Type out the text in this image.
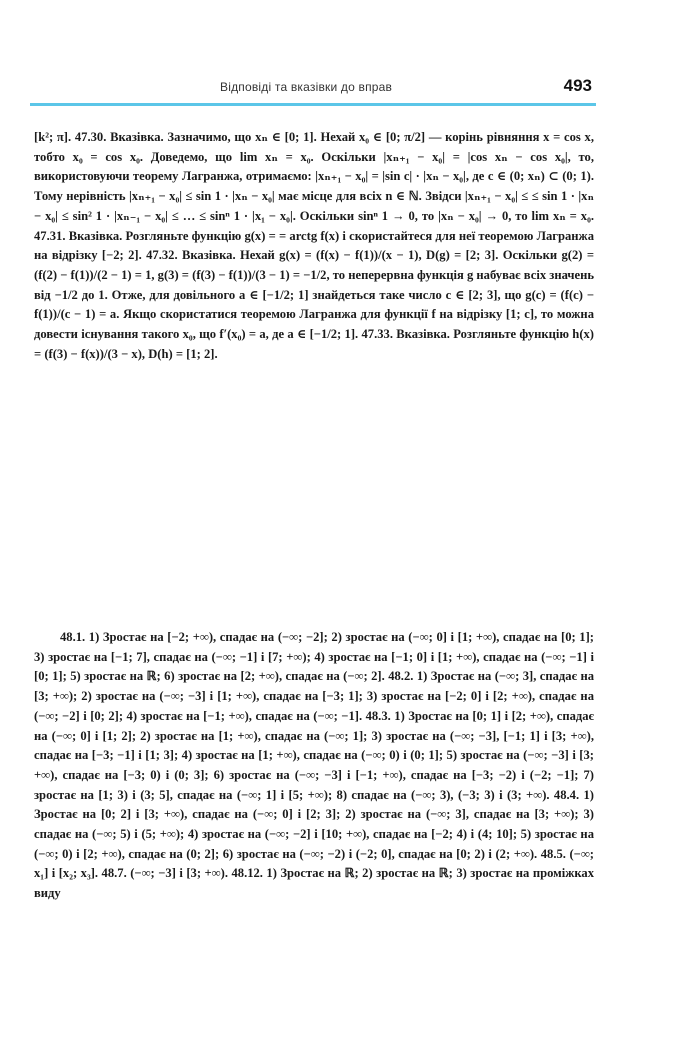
Відповіді та вказівки до вправ	493

[k²; π]. 47.30. Вказівка. Зазначимо, що xₙ ∈ [0; 1]. Нехай x₀ ∈ [0; π/2] — корінь рівняння x = cos x, тобто x₀ = cos x₀. Доведемо, що lim xₙ = x₀. Оскільки |xₙ₊₁ − x₀| = |cos xₙ − cos x₀|, то, використовуючи теорему Лагранжа, отримаємо: |xₙ₊₁ − x₀| = |sin c| · |xₙ − x₀|, де c ∈ (0; xₙ) ⊂ (0; 1). Тому нерівність |xₙ₊₁ − x₀| ≤ sin 1 · |xₙ − x₀| має місце для всіх n ∈ ℕ. Звідси |xₙ₊₁ − x₀| ≤ ≤ sin 1 · |xₙ − x₀| ≤ sin² 1 · |xₙ₋₁ − x₀| ≤ … ≤ sinⁿ 1 · |x₁ − x₀|. Оскільки sinⁿ 1 → 0, то |xₙ − x₀| → 0, то lim xₙ = x₀. 47.31. Вказівка. Розгляньте функцію g(x) = = arctg f(x) і скористайтеся для неї теоремою Лагранжа на відрізку [−2; 2]. 47.32. Вказівка. Нехай g(x) = (f(x) − f(1))/(x − 1), D(g) = [2; 3]. Оскільки g(2) = (f(2) − f(1))/(2 − 1) = 1, g(3) = (f(3) − f(1))/(3 − 1) = −1/2, то неперервна функція g набуває всіх значень від −1/2 до 1. Отже, для довільного a ∈ [−1/2; 1] знайдеться таке число c ∈ [2; 3], що g(c) = (f(c) − f(1))/(c − 1) = a. Якщо скористатися теоремою Лагранжа для функції f на відрізку [1; c], то можна довести існування такого x₀, що f′(x₀) = a, де a ∈ [−1/2; 1]. 47.33. Вказівка. Розгляньте функцію h(x) = (f(3) − f(x))/(3 − x), D(h) = [1; 2].

48.1. 1) Зростає на [−2; +∞), спадає на (−∞; −2]; 2) зростає на (−∞; 0] і [1; +∞), спадає на [0; 1]; 3) зростає на [−1; 7], спадає на (−∞; −1] і [7; +∞); 4) зростає на [−1; 0] і [1; +∞), спадає на (−∞; −1] і [0; 1]; 5) зростає на ℝ; 6) зростає на [2; +∞), спадає на (−∞; 2]. 48.2. 1) Зростає на (−∞; 3], спадає на [3; +∞); 2) зростає на (−∞; −3] і [1; +∞), спадає на [−3; 1]; 3) зростає на [−2; 0] і [2; +∞), спадає на (−∞; −2] і [0; 2]; 4) зростає на [−1; +∞), спадає на (−∞; −1]. 48.3. 1) Зростає на [0; 1] і [2; +∞), спадає на (−∞; 0] і [1; 2]; 2) зростає на [1; +∞), спадає на (−∞; 1]; 3) зростає на (−∞; −3], [−1; 1] і [3; +∞), спадає на [−3; −1] і [1; 3]; 4) зростає на [1; +∞), спадає на (−∞; 0) і (0; 1]; 5) зростає на (−∞; −3] і [3; +∞), спадає на [−3; 0) і (0; 3]; 6) зростає на (−∞; −3] і [−1; +∞), спадає на [−3; −2) і (−2; −1]; 7) зростає на [1; 3) і (3; 5], спадає на (−∞; 1] і [5; +∞); 8) спадає на (−∞; 3), (−3; 3) і (3; +∞). 48.4. 1) Зростає на [0; 2] і [3; +∞), спадає на (−∞; 0] і [2; 3]; 2) зростає на (−∞; 3], спадає на [3; +∞); 3) спадає на (−∞; 5) і (5; +∞); 4) зростає на (−∞; −2] і [10; +∞), спадає на [−2; 4) і (4; 10]; 5) зростає на (−∞; 0) і [2; +∞), спадає на (0; 2]; 6) зростає на (−∞; −2) і (−2; 0], спадає на [0; 2) і (2; +∞). 48.5. (−∞; x₁] і [x₂; x₃]. 48.7. (−∞; −3] і [3; +∞). 48.12. 1) Зростає на ℝ; 2) зростає на ℝ; 3) зростає на проміжках виду
